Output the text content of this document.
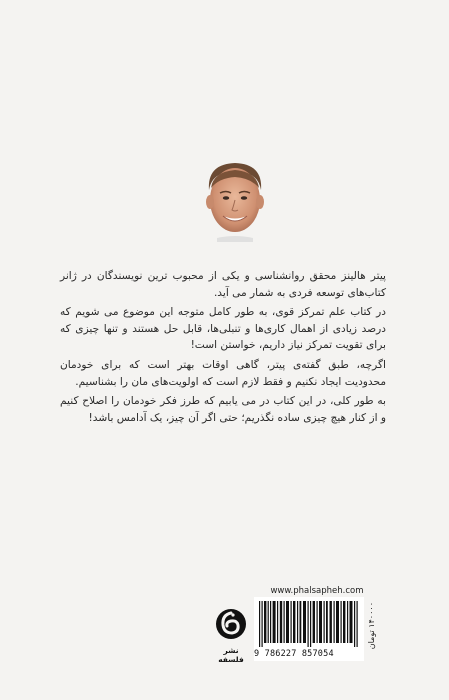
پیتر هالینز محقق روانشناسی و یکی از محبوب ترین نویسندگان در ژانر کتاب‌های توسعه فردی به شمار می آید.

در کتاب علم تمرکز قوی، به طور کامل متوجه این موضوع می شویم که درصد زیادی از اهمال کاری‌ها و تنبلی‌ها، قابل حل هستند و تنها چیزی که برای تقویت تمرکز نیاز داریم، خواستن است!

اگرچه، طبق گفته‌ی پیتر، گاهی اوقات بهتر است که برای خودمان محدودیت ایجاد نکنیم و فقط لازم است که اولویت‌های مان را بشناسیم.

به طور کلی، در این کتاب در می یابیم که طرز فکر خودمان را اصلاح کنیم و از کنار هیچ چیزی ساده نگذریم؛ حتی اگر آن چیز، یک آدامس باشد!

www.phalsapheh.com
9 786227 857054
۱۴۰۰۰۰ تومان
نشر فلسفه
